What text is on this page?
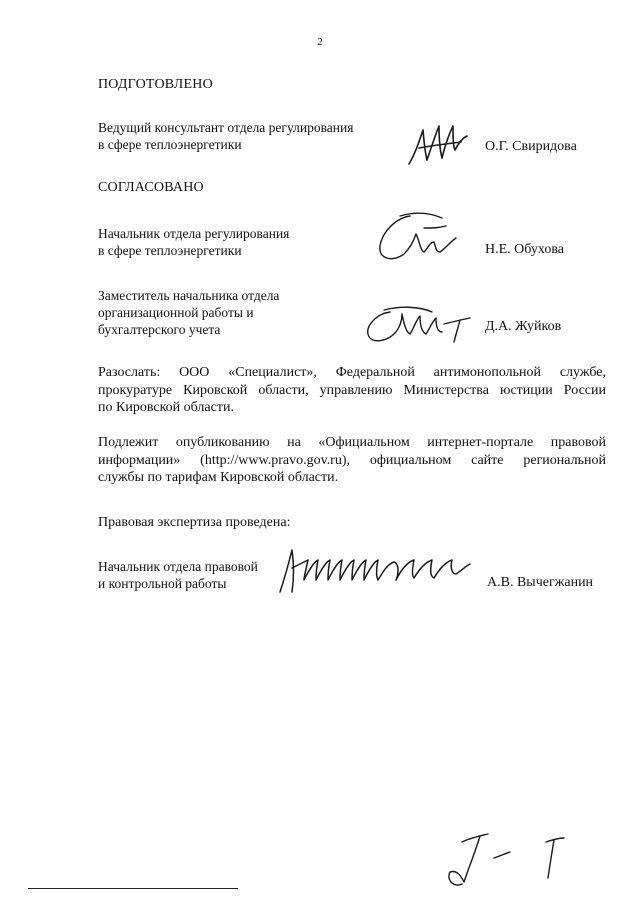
2
ПОДГОТОВЛЕНО
Ведущий консультант отдела регулирования
в сфере теплоэнергетики	О.Г. Свиридова
СОГЛАСОВАНО
Начальник отдела регулирования
в сфере теплоэнергетики	Н.Е. Обухова
Заместитель начальника отдела
организационной работы и
бухгалтерского учета	Д.А. Жуйков
Разослать: ООО «Специалист», Федеральной антимонопольной службе,
прокуратуре Кировской области, управлению Министерства юстиции России
по Кировской области.
Подлежит опубликованию на «Официальном интернет-портале правовой
информации» (http://www.pravo.gov.ru), официальном сайте региональной
службы по тарифам Кировской области.
Правовая экспертиза проведена:
Начальник отдела правовой
и контрольной работы	А.В. Вычегжанин
